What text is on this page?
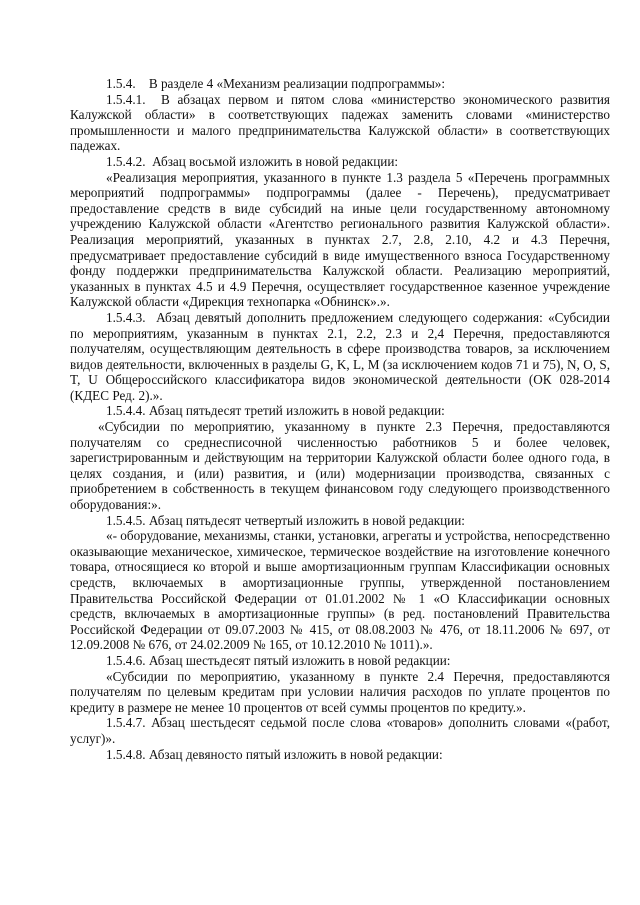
1.5.4.    В разделе 4 «Механизм реализации подпрограммы»:

1.5.4.1.  В абзацах первом и пятом слова «министерство экономического развития Калужской области» в соответствующих падежах заменить словами «министерство промышленности и малого предпринимательства Калужской области» в соответствующих падежах.

1.5.4.2.  Абзац восьмой изложить в новой редакции:

«Реализация мероприятия, указанного в пункте 1.3 раздела 5 «Перечень программных мероприятий подпрограммы» подпрограммы (далее - Перечень), предусматривает предоставление средств в виде субсидий на иные цели государственному автономному учреждению Калужской области «Агентство регионального развития Калужской области». Реализация мероприятий, указанных в пунктах 2.7, 2.8, 2.10, 4.2 и 4.3 Перечня, предусматривает предоставление субсидий в виде имущественного взноса Государственному фонду поддержки предпринимательства Калужской области. Реализацию мероприятий, указанных в пунктах 4.5 и 4.9 Перечня, осуществляет государственное казенное учреждение Калужской области «Дирекция технопарка «Обнинск».».

1.5.4.3.  Абзац девятый дополнить предложением следующего содержания: «Субсидии по мероприятиям, указанным в пунктах 2.1, 2.2, 2.3 и 2,4 Перечня, предоставляются получателям, осуществляющим деятельность в сфере производства товаров, за исключением видов деятельности, включенных в разделы G, K, L, M (за исключением кодов 71 и 75), N, O, S, T, U Общероссийского классификатора видов экономической деятельности (ОК 028-2014 (КДЕС Ред. 2).».

1.5.4.4. Абзац пятьдесят третий изложить в новой редакции:

«Субсидии по мероприятию, указанному в пункте 2.3 Перечня, предоставляются получателям со среднесписочной численностью работников 5 и более человек, зарегистрированным и действующим на территории Калужской области более одного года, в целях создания, и (или) развития, и (или) модернизации производства, связанных с приобретением в собственность в текущем финансовом году следующего производственного оборудования:».

1.5.4.5. Абзац пятьдесят четвертый изложить в новой редакции:

«- оборудование, механизмы, станки, установки, агрегаты и устройства, непосредственно оказывающие механическое, химическое, термическое воздействие на изготовление конечного товара, относящиеся ко второй и выше амортизационным группам Классификации основных средств, включаемых в амортизационные группы, утвержденной постановлением Правительства Российской Федерации от 01.01.2002 № 1 «О Классификации основных средств, включаемых в амортизационные группы» (в ред. постановлений Правительства Российской Федерации от 09.07.2003 № 415, от 08.08.2003 № 476, от 18.11.2006 № 697, от 12.09.2008 № 676, от 24.02.2009 № 165, от 10.12.2010 № 1011).».

1.5.4.6. Абзац шестьдесят пятый изложить в новой редакции:

«Субсидии по мероприятию, указанному в пункте 2.4 Перечня, предоставляются получателям по целевым кредитам при условии наличия расходов по уплате процентов по кредиту в размере не менее 10 процентов от всей суммы процентов по кредиту.».

1.5.4.7. Абзац шестьдесят седьмой после слова «товаров» дополнить словами «(работ, услуг)».

1.5.4.8. Абзац девяносто пятый изложить в новой редакции:
